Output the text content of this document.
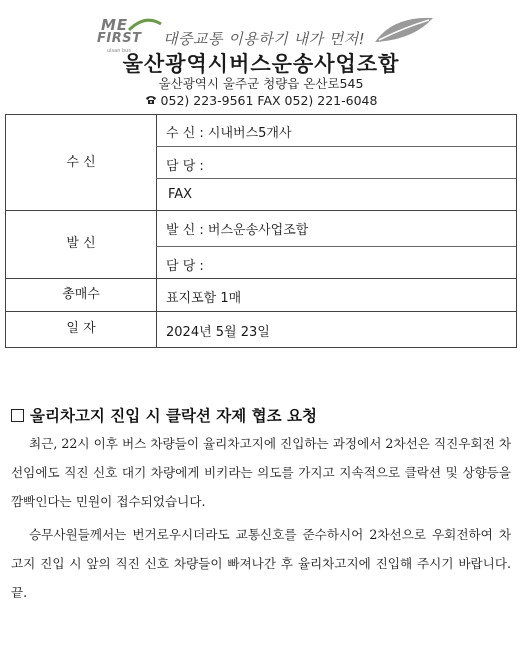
ME
FIRST
ulsan bus
대중교통 이용하기 내가 먼저!
울산광역시버스운송사업조합
울산광역시 울주군 청량읍 온산로545
052) 223-9561 FAX 052) 221-6048
수 신
수 신 : 시내버스5개사
담 당 :
FAX
발 신
발 신 : 버스운송사업조합
담 당 :
총매수	표지포함 1매
일 자	2024년 5월 23일
울리차고지 진입 시 클락션 자제 협조 요청
최근, 22시 이후 버스 차량들이 율리차고지에 진입하는 과정에서 2차선은 직진우회전 차선임에도 직진 신호 대기 차량에게 비키라는 의도를 가지고 지속적으로 클락션 및 상향등을 깜빡인다는 민원이 접수되었습니다.
승무사원들께서는 번거로우시더라도 교통신호를 준수하시어 2차선으로 우회전하여 차고지 진입 시 앞의 직진 신호 차량들이 빠져나간 후 율리차고지에 진입해 주시기 바랍니다. 끝.
